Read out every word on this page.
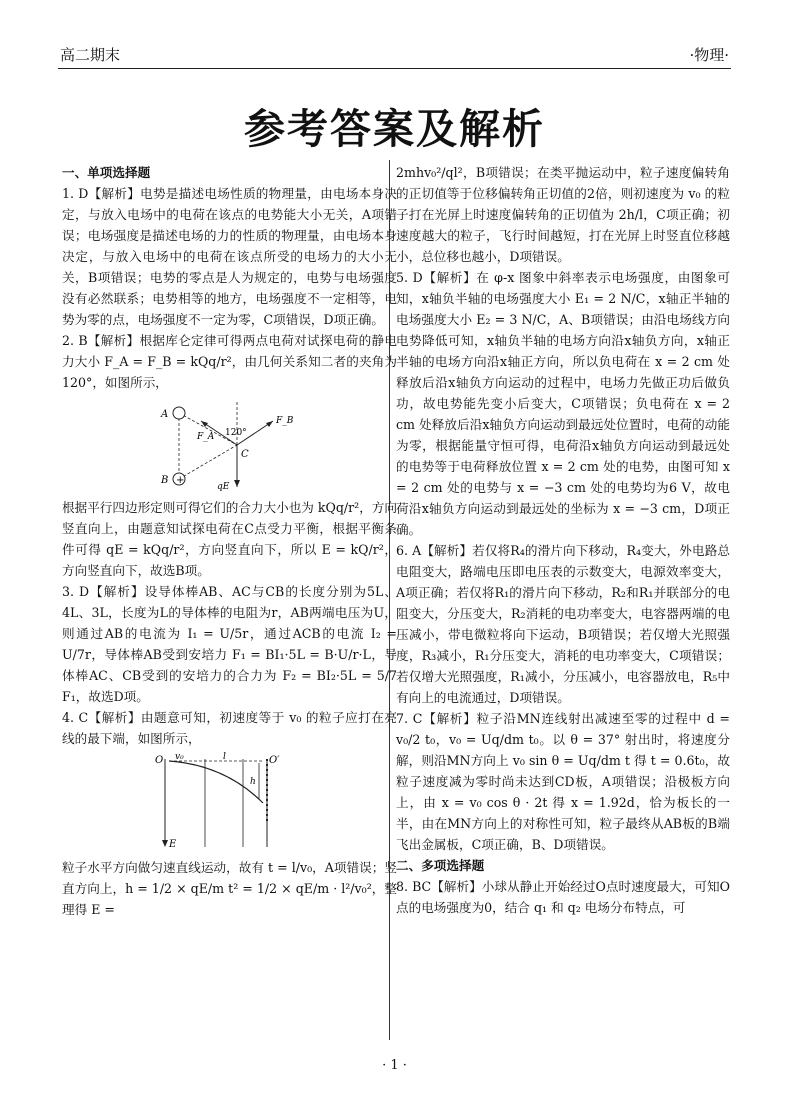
高二期末	·物理·
参考答案及解析

一、单项选择题

1. D【解析】电势是描述电场性质的物理量，由电场本身决定，与放入电场中的电荷在该点的电势能大小无关，A项错误；电场强度是描述电场的力的性质的物理量，由电场本身决定，与放入电场中的电荷在该点所受的电场力的大小无关，B项错误；电势的零点是人为规定的，电势与电场强度没有必然联系；电势相等的地方，电场强度不一定相等，电势为零的点，电场强度不一定为零，C项错误，D项正确。

2. B【解析】根据库仑定律可得两点电荷对试探电荷的静电力大小 F_A = F_B = kQq/r²，由几何关系知二者的夹角为120°，如图所示，

+
A
B
C
F_A
F_B
120°
qE

根据平行四边形定则可得它们的合力大小也为 kQq/r²，方向竖直向上，由题意知试探电荷在C点受力平衡，根据平衡条件可得 qE = kQq/r²，方向竖直向下，所以 E = kQ/r²，方向竖直向下，故选B项。

3. D【解析】设导体棒AB、AC与CB的长度分别为5L、4L、3L，长度为L的导体棒的电阻为r，AB两端电压为U，则通过AB的电流为 I₁ = U/5r，通过ACB的电流 I₂ = U/7r，导体棒AB受到安培力 F₁ = BI₁·5L = B·U/r·L，导体棒AC、CB受到的安培力的合力为 F₂ = BI₂·5L = 5/7 F₁，故选D项。

4. C【解析】由题意可知，初速度等于 v₀ 的粒子应打在亮线的最下端，如图所示，

O	O′
v₀	l
h
E

粒子水平方向做匀速直线运动，故有 t = l/v₀，A项错误；竖直方向上，h = 1/2 × qE/m t² = 1/2 × qE/m · l²/v₀²，整理得 E =

2mhv₀²/ql²，B项错误；在类平抛运动中，粒子速度偏转角的正切值等于位移偏转角正切值的2倍，则初速度为 v₀ 的粒子打在光屏上时速度偏转角的正切值为 2h/l，C项正确；初速度越大的粒子，飞行时间越短，打在光屏上时竖直位移越小，总位移也越小，D项错误。

5. D【解析】在 φ-x 图象中斜率表示电场强度，由图象可知，x轴负半轴的电场强度大小 E₁ = 2 N/C，x轴正半轴的电场强度大小 E₂ = 3 N/C，A、B项错误；由沿电场线方向电势降低可知，x轴负半轴的电场方向沿x轴负方向，x轴正半轴的电场方向沿x轴正方向，所以负电荷在 x = 2 cm 处释放后沿x轴负方向运动的过程中，电场力先做正功后做负功，故电势能先变小后变大，C项错误；负电荷在 x = 2 cm 处释放后沿x轴负方向运动到最远处位置时，电荷的动能为零，根据能量守恒可得，电荷沿x轴负方向运动到最远处的电势等于电荷释放位置 x = 2 cm 处的电势，由图可知 x = 2 cm 处的电势与 x = −3 cm 处的电势均为6 V，故电荷沿x轴负方向运动到最远处的坐标为 x = −3 cm，D项正确。

6. A【解析】若仅将R₄的滑片向下移动，R₄变大，外电路总电阻变大，路端电压即电压表的示数变大，电源效率变大，A项正确；若仅将R₁的滑片向下移动，R₂和R₁并联部分的电阻变大，分压变大，R₂消耗的电功率变大，电容器两端的电压减小，带电微粒将向下运动，B项错误；若仅增大光照强度，R₃减小，R₁分压变大，消耗的电功率变大，C项错误；若仅增大光照强度，R₁减小，分压减小，电容器放电，R₅中有向上的电流通过，D项错误。

7. C【解析】粒子沿MN连线射出减速至零的过程中 d = v₀/2 t₀，v₀ = Uq/dm t₀。以 θ = 37° 射出时，将速度分解，则沿MN方向上 v₀ sin θ = Uq/dm t 得 t = 0.6t₀，故粒子速度减为零时尚未达到CD板，A项错误；沿极板方向上，由 x = v₀ cos θ · 2t 得 x = 1.92d，恰为板长的一半，由在MN方向上的对称性可知，粒子最终从AB板的B端飞出金属板，C项正确，B、D项错误。

二、多项选择题

8. BC【解析】小球从静止开始经过O点时速度最大，可知O点的电场强度为0，结合 q₁ 和 q₂ 电场分布特点，可

· 1 ·
